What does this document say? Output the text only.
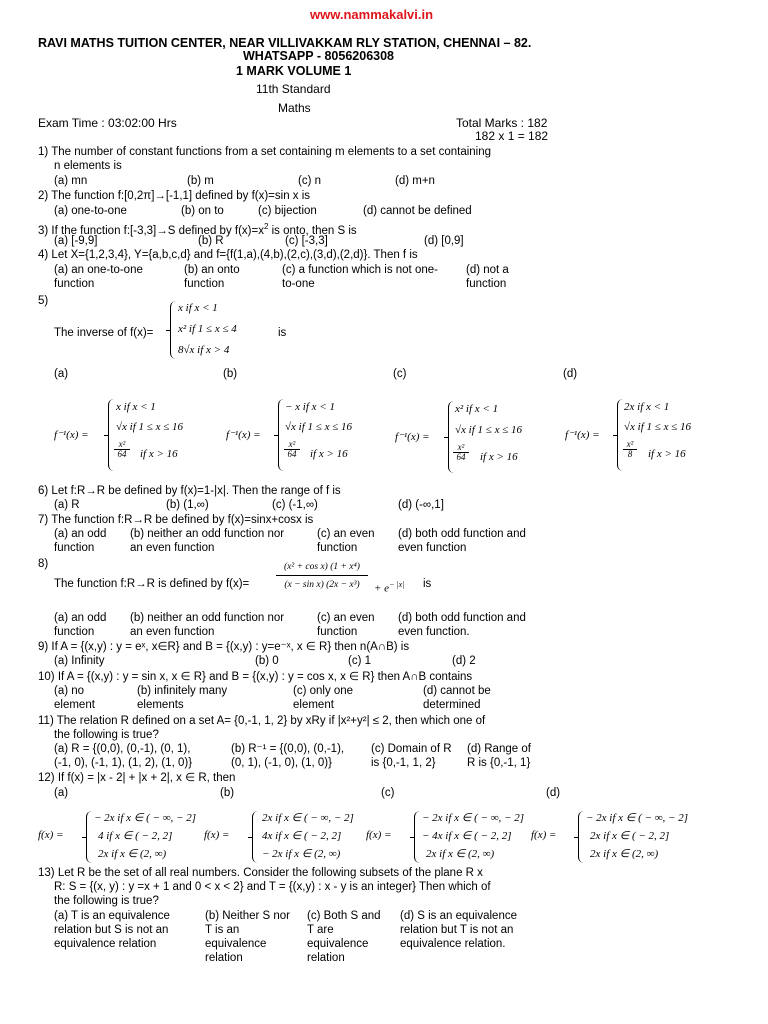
www.nammakalvi.in
RAVI MATHS TUITION CENTER, NEAR VILLIVAKKAM RLY STATION, CHENNAI – 82.
WHATSAPP - 8056206308
1 MARK VOLUME 1
11th Standard
Maths
Exam Time : 03:02:00 Hrs	Total Marks : 182
182 x 1 = 182
1) The number of constant functions from a set containing m elements to a set containing
n elements is
(a) mn	(b) m	(c) n	(d) m+n
2) The function f:[0,2π]→[-1,1] defined by f(x)=sin x is
(a) one-to-one	(b) on to	(c) bijection	(d) cannot be defined
3) If the function f:[-3,3]→S defined by $f(x)=x^2$ is onto, then S is
(a) [-9,9]	(b) R	(c) [-3,3]	(d) [0,9]
4) Let X={1,2,3,4}, Y={a,b,c,d} and f={f(1,a),(4,b),(2,c),(3,d),(2,d)}. Then f is
(a) an one-to-one
function
(b) an onto
function
(c) a function which is not one-
to-one
(d) not a
function
5)
The inverse of f(x)=
x if x < 1
x² if 1 ≤ x ≤ 4
8√x if x > 4
is
(a)	(b)	(c)	(d)
f⁻¹(x) =
x if x < 1
√x if 1 ≤ x ≤ 16
x²
64	if x > 16
f⁻¹(x) =
− x if x < 1
√x if 1 ≤ x ≤ 16
x²
64	if x > 16
f⁻¹(x) =
x² if x < 1
√x if 1 ≤ x ≤ 16
x²
64	if x > 16
f⁻¹(x) =
2x if x < 1
√x if 1 ≤ x ≤ 16
x²
8	if x > 16
6) Let f:R→R be defined by f(x)=1-|x|. Then the range of f is
(a) R	(b) (1,∞)	(c) (-1,∞)	(d) (-∞,1]
7) The function f:R→R be defined by f(x)=sinx+cosx is
(a) an odd
function
(b) neither an odd function nor
an even function
(c) an even
function
(d) both odd function and
even function
8)
The function f:R→R is defined by f(x)=
(x² + cos x) (1 + x⁴)
(x − sin x) (2x − x³)	+ $e^{- |x|}$ is
(a) an odd
function
(b) neither an odd function nor
an even function
(c) an even
function
(d) both odd function and
even function.
9) If A = {(x,y) : y = eˣ, x∈R} and B = {(x,y) : y=e⁻ˣ, x ∈ R} then n(A∩B) is
(a) Infinity	(b) 0	(c) 1	(d) 2
10) If A = {(x,y) : y = sin x, x ∈ R} and B = {(x,y) : y = cos x, x ∈ R} then A∩B contains
(a) no
element
(b) infinitely many
elements
(c) only one
element
(d) cannot be
determined
11) The relation R defined on a set A= {0,-1, 1, 2} by xRy if |x²+y²| ≤ 2, then which one of
the following is true?
(a) R = {(0,0), (0,-1), (0, 1),
(-1, 0), (-1, 1), (1, 2), (1, 0)}
(b) R⁻¹ = {(0,0), (0,-1),
(0, 1), (-1, 0), (1, 0)}
(c) Domain of R
is {0,-1, 1, 2}
(d) Range of
R is {0,-1, 1}
12) If f(x) = |x - 2| + |x + 2|, x ∈ R, then
(a)	(b)	(c)	(d)
f(x) =
− 2x if x ∈ ( − ∞, − 2]
4 if x ∈ ( − 2, 2]
2x if x ∈ (2, ∞)
f(x) =
2x if x ∈ ( − ∞, − 2]
4x if x ∈ ( − 2, 2]
− 2x if x ∈ (2, ∞)
f(x) =
− 2x if x ∈ ( − ∞, − 2]
− 4x if x ∈ ( − 2, 2]
2x if x ∈ (2, ∞)
f(x) =
− 2x if x ∈ ( − ∞, − 2]
2x if x ∈ ( − 2, 2]
2x if x ∈ (2, ∞)
13) Let R be the set of all real numbers. Consider the following subsets of the plane R x
R: S = {(x, y) : y =x + 1 and 0 < x < 2} and T = {(x,y) : x - y is an integer} Then which of
the following is true?
(a) T is an equivalence
relation but S is not an
equivalence relation
(b) Neither S nor
T is an
equivalence
relation
(c) Both S and
T are
equivalence
relation
(d) S is an equivalence
relation but T is not an
equivalence relation.
